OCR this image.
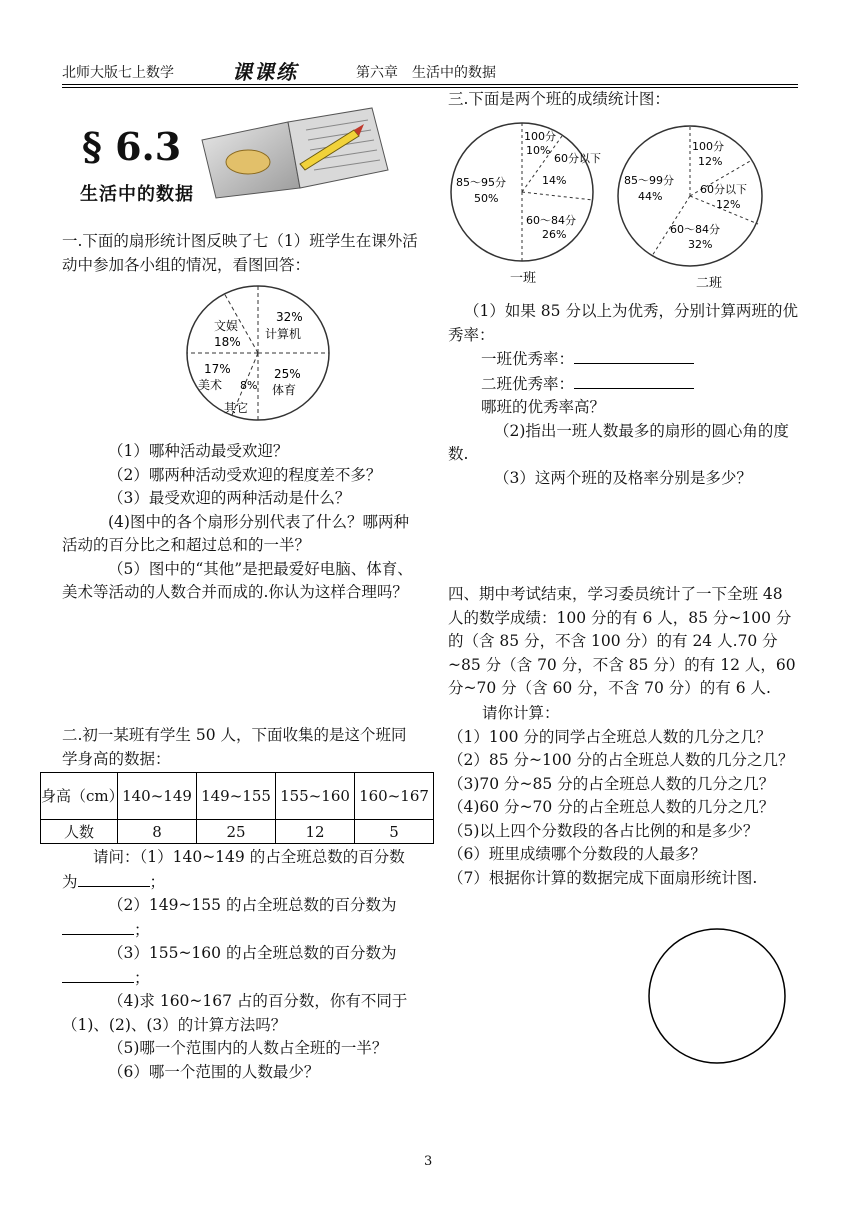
北师大版七上数学	课课练	第六章　生活中的数据
§ 6.3
生活中的数据
一.下面的扇形统计图反映了七（1）班学生在课外活动中参加各小组的情况，看图回答：
文娱
18%
32%
计算机
25%
体育
17%
美术 8%
其它

（1）哪种活动最受欢迎？

（2）哪两种活动受欢迎的程度差不多？

（3）最受欢迎的两种活动是什么？

(4)图中的各个扇形分别代表了什么？哪两种活动的百分比之和超过总和的一半？

（5）图中的“其他”是把最爱好电脑、体育、美术等活动的人数合并而成的.你认为这样合理吗？

二.初一某班有学生 50 人，下面收集的是这个班同学身高的数据：
身高（cm）	140~149	149~155	155~160	160~167
人数	8	25	12	5

请问：（1）140~149 的占全班总数的百分数为	；

（2）149~155 的占全班总数的百分数为；

（3）155~160 的占全班总数的百分数为；

（4)求 160~167 占的百分数，你有不同于（1)、(2)、(3）的计算方法吗？

（5)哪一个范围内的人数占全班的一半？

（6）哪一个范围的人数最少？

三.下面是两个班的成绩统计图：
100分
10%
60分以下
14%
60～84分
26%
85～95分
50%
一班
100分
12%
60分以下
12%
60～84分
32%
85～99分
44%
二班

（1）如果 85 分以上为优秀，分别计算两班的优秀率：

一班优秀率：

二班优秀率：

哪班的优秀率高？

（2)指出一班人数最多的扇形的圆心角的度数.

（3）这两个班的及格率分别是多少？

四、期中考试结束，学习委员统计了一下全班 48 人的数学成绩：100 分的有 6 人，85 分~100 分的（含 85 分，不含 100 分）的有 24 人.70 分~85 分（含 70 分，不含 85 分）的有 12 人，60 分~70 分（含 60 分，不含 70 分）的有 6 人.

请你计算：

（1）100 分的同学占全班总人数的几分之几？

（2）85 分~100 分的占全班总人数的几分之几？

（3)70 分~85 分的占全班总人数的几分之几？

（4)60 分~70 分的占全班总人数的几分之几？

（5)以上四个分数段的各占比例的和是多少？

（6）班里成绩哪个分数段的人最多？

（7）根据你计算的数据完成下面扇形统计图.

3
